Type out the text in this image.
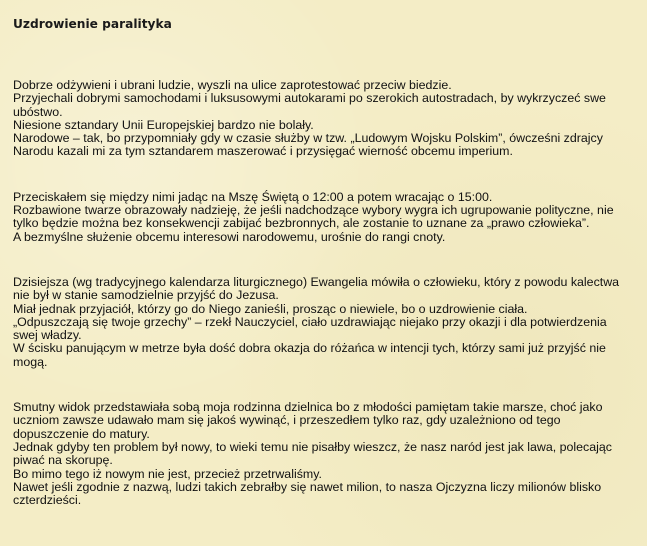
Uzdrowienie paralityka

Dobrze odżywieni i ubrani ludzie, wyszli na ulice zaprotestować przeciw biedzie.
Przyjechali dobrymi samochodami i luksusowymi autokarami po szerokich autostradach, by wykrzyczeć swe ubóstwo.
Niesione sztandary Unii Europejskiej bardzo nie bolały.
Narodowe – tak, bo przypomniały gdy w czasie służby w tzw. „Ludowym Wojsku Polskim”, ówcześni zdrajcy Narodu kazali mi za tym sztandarem maszerować i przysięgać wierność obcemu imperium.

Przeciskałem się między nimi jadąc na Mszę Świętą o 12:00 a potem wracając o 15:00.
Rozbawione twarze obrazowały nadzieję, że jeśli nadchodzące wybory wygra ich ugrupowanie polityczne, nie tylko będzie można bez konsekwencji zabijać bezbronnych, ale zostanie to uznane za „prawo człowieka”.
A bezmyślne służenie obcemu interesowi narodowemu, urośnie do rangi cnoty.

Dzisiejsza (wg tradycyjnego kalendarza liturgicznego) Ewangelia mówiła o człowieku, który z powodu kalectwa nie był w stanie samodzielnie przyjść do Jezusa.
Miał jednak przyjaciół, którzy go do Niego zanieśli, prosząc o niewiele, bo o uzdrowienie ciała.
„Odpuszczają się twoje grzechy” – rzekł Nauczyciel, ciało uzdrawiając niejako przy okazji i dla potwierdzenia swej władzy.
W ścisku panującym w metrze była dość dobra okazja do różańca w intencji tych, którzy sami już przyjść nie mogą.

Smutny widok przedstawiała sobą moja rodzinna dzielnica bo z młodości pamiętam takie marsze, choć jako uczniom zawsze udawało mam się jakoś wywinąć, i przeszedłem tylko raz, gdy uzależniono od tego dopuszczenie do matury.
Jednak gdyby ten problem był nowy, to wieki temu nie pisałby wieszcz, że nasz naród jest jak lawa, polecając piwać na skorupę.
Bo mimo tego iż nowym nie jest, przecież przetrwaliśmy.
Nawet jeśli zgodnie z nazwą, ludzi takich zebrałby się nawet milion, to nasza Ojczyzna liczy milionów blisko czterdzieści.
